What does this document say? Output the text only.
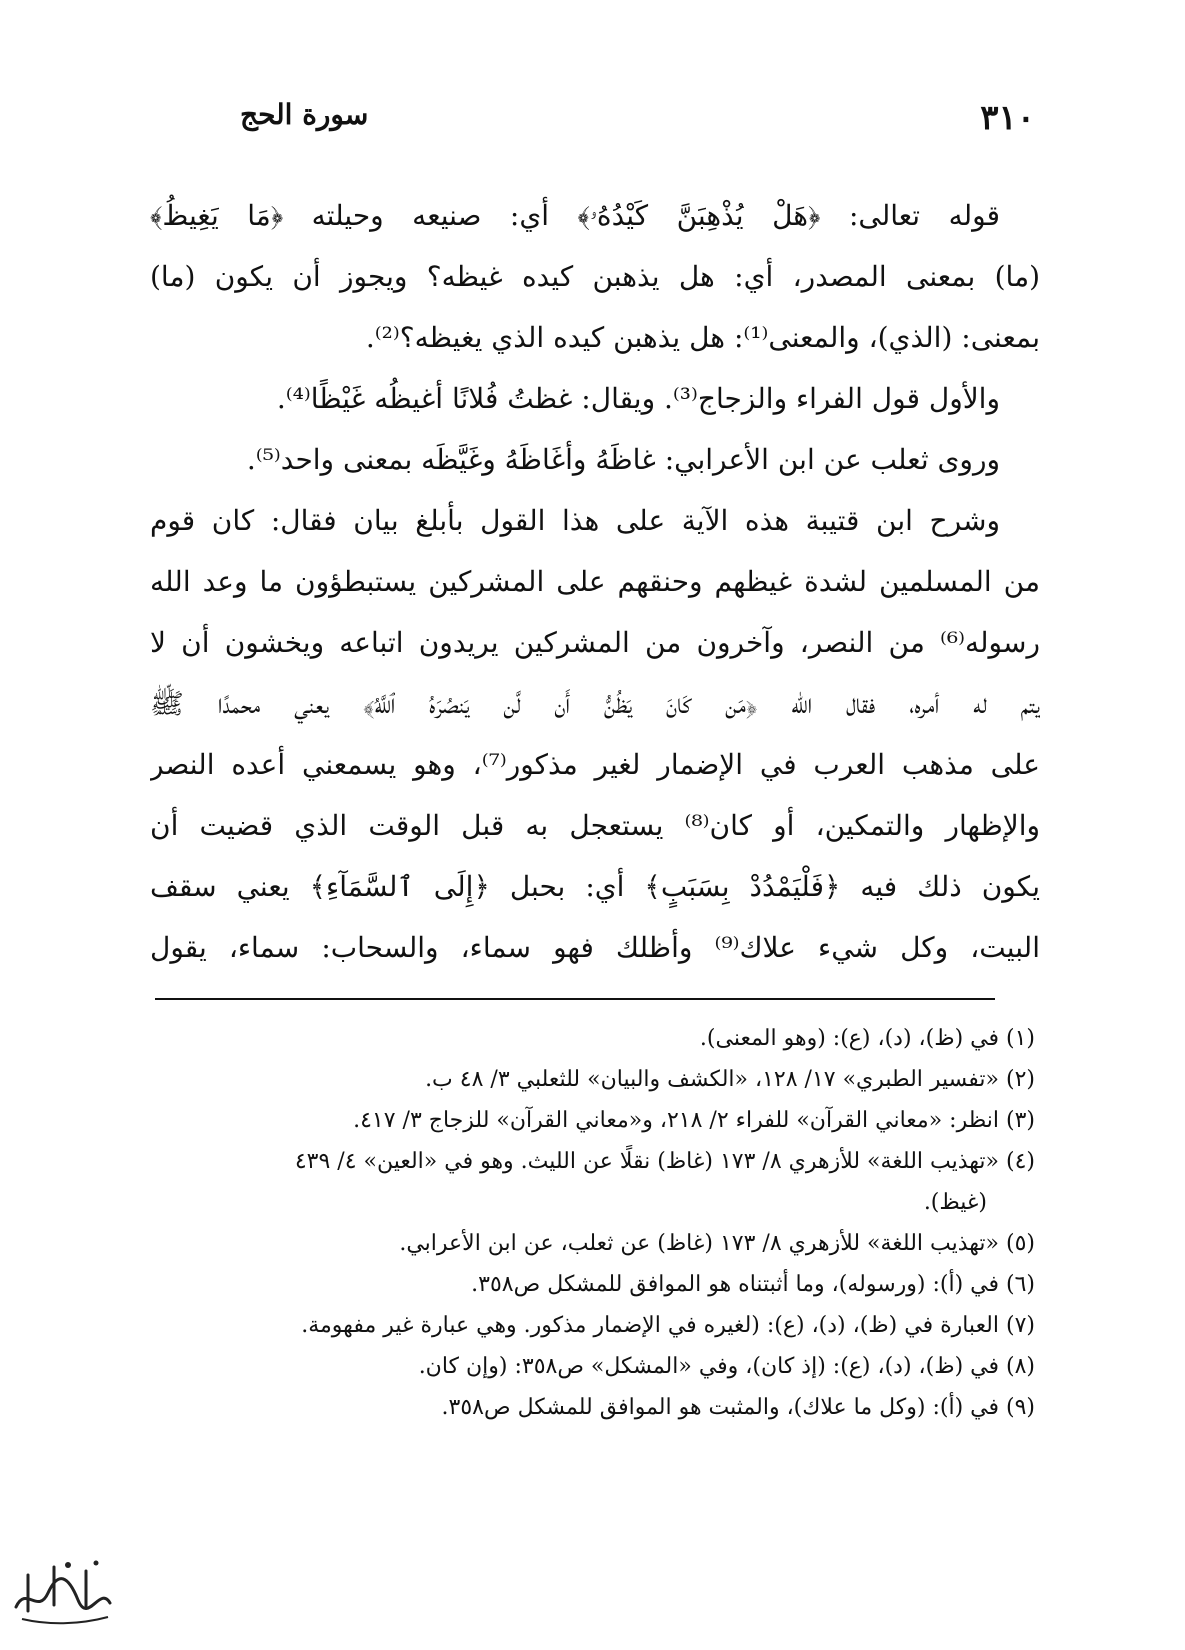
٣١٠
سورة الحج
قوله تعالى: ﴿هَلْ يُذْهِبَنَّ كَيْدُهُۥ﴾ أي: صنيعه وحيلته ﴿مَا يَغِيظُ﴾
(ما) بمعنى المصدر، أي: هل يذهبن كيده غيظه؟ ويجوز أن يكون (ما)
بمعنى: (الذي)، والمعنى⁽¹⁾: هل يذهبن كيده الذي يغيظه؟⁽²⁾.
والأول قول الفراء والزجاج⁽³⁾. ويقال: غظتُ فُلانًا أغيظُه غَيْظًا⁽⁴⁾.
وروى ثعلب عن ابن الأعرابي: غاظَهُ وأغَاظَهُ وغَيَّظَه بمعنى واحد⁽⁵⁾.
وشرح ابن قتيبة هذه الآية على هذا القول بأبلغ بيان فقال: كان قوم
من المسلمين لشدة غيظهم وحنقهم على المشركين يستبطؤون ما وعد الله
رسوله⁽⁶⁾ من النصر، وآخرون من المشركين يريدون اتباعه ويخشون أن لا
يتم له أمره، فقال الله ﴿مَن كَانَ يَظُنُّ أَن لَّن يَنصُرَهُ ٱللَّهُ﴾ يعني محمدًا ﷺ
على مذهب العرب في الإضمار لغير مذكور⁽⁷⁾، وهو يسمعني أعده النصر
والإظهار والتمكين، أو كان⁽⁸⁾ يستعجل به قبل الوقت الذي قضيت أن
يكون ذلك فيه ﴿فَلْيَمْدُدْ بِسَبَبٍ﴾ أي: بحبل ﴿إِلَى ٱلسَّمَآءِ﴾ يعني سقف
البيت، وكل شيء علاك⁽⁹⁾ وأظلك فهو سماء، والسحاب: سماء، يقول
(١) في (ظ)، (د)، (ع): (وهو المعنى).
(٢) «تفسير الطبري» ١٧/ ١٢٨، «الكشف والبيان» للثعلبي ٣/ ٤٨ ب.
(٣) انظر: «معاني القرآن» للفراء ٢/ ٢١٨، و«معاني القرآن» للزجاج ٣/ ٤١٧.
(٤) «تهذيب اللغة» للأزهري ٨/ ١٧٣ (غاظ) نقلًا عن الليث. وهو في «العين» ٤/ ٤٣٩
(غيظ).
(٥) «تهذيب اللغة» للأزهري ٨/ ١٧٣ (غاظ) عن ثعلب، عن ابن الأعرابي.
(٦) في (أ): (ورسوله)، وما أثبتناه هو الموافق للمشكل ص٣٥٨.
(٧) العبارة في (ظ)، (د)، (ع): (لغيره في الإضمار مذكور. وهي عبارة غير مفهومة.
(٨) في (ظ)، (د)، (ع): (إذ كان)، وفي «المشكل» ص٣٥٨: (وإن كان.
(٩) في (أ): (وكل ما علاك)، والمثبت هو الموافق للمشكل ص٣٥٨.
